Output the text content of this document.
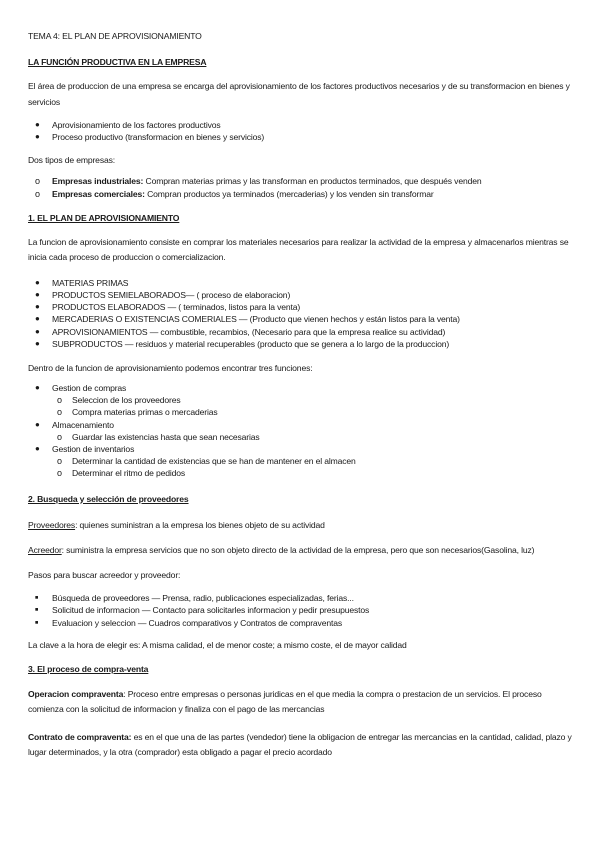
TEMA 4: EL PLAN DE APROVISIONAMIENTO

LA FUNCIÓN PRODUCTIVA EN LA EMPRESA

El área de produccion de una empresa se encarga del aprovisionamiento de los factores productivos necesarios y de su transformacion en bienes y servicios

● Aprovisionamiento de los factores productivos
● Proceso productivo (transformacion en bienes y servicios)

Dos tipos de empresas:

o Empresas industriales: Compran materias primas y las transforman en productos terminados, que después venden
o Empresas comerciales: Compran productos ya terminados (mercaderias) y los venden sin transformar

1. EL PLAN DE APROVISIONAMIENTO

La funcion de aprovisionamiento consiste en comprar los materiales necesarios para realizar la actividad de la empresa y almacenarlos mientras se inicia cada proceso de produccion o comercializacion.

● MATERIAS PRIMAS
● PRODUCTOS SEMIELABORADOS— ( proceso de elaboracion)
● PRODUCTOS ELABORADOS — ( terminados, listos para la venta)
● MERCADERIAS O EXISTENCIAS COMERIALES — (Producto que vienen hechos y están listos para la venta)
● APROVISIONAMIENTOS — combustible, recambios, (Necesario para que la empresa realice su actividad)
● SUBPRODUCTOS — residuos y material recuperables (producto que se genera a lo largo de la produccion)

Dentro de la funcion de aprovisionamiento podemos encontrar tres funciones:

● Gestion de compras
o Seleccion de los proveedores
o Compra materias primas o mercaderias
● Almacenamiento
o Guardar las existencias hasta que sean necesarias
● Gestion de inventarios
o Determinar la cantidad de existencias que se han de mantener en el almacen
o Determinar el ritmo de pedidos

2. Busqueda y selección de proveedores

Proveedores: quienes suministran a la empresa los bienes objeto de su actividad

Acreedor: suministra la empresa servicios que no son objeto directo de la actividad de la empresa, pero que son necesarios(Gasolina, luz)

Pasos para buscar acreedor y proveedor:

■ Búsqueda de proveedores — Prensa, radio, publicaciones especializadas, ferias...
■ Solicitud de informacion — Contacto para solicitarles informacion y pedir presupuestos
■ Evaluacion y seleccion — Cuadros comparativos y Contratos de compraventas

La clave a la hora de elegir es: A misma calidad, el de menor coste; a mismo coste, el de mayor calidad

3. El proceso de compra-venta

Operacion compraventa: Proceso entre empresas o personas juridicas en el que media la compra o prestacion de un servicios. El proceso comienza con la solicitud de informacion y finaliza con el pago de las mercancias

Contrato de compraventa: es en el que una de las partes (vendedor) tiene la obligacion de entregar las mercancias en la cantidad, calidad, plazo y lugar determinados, y la otra (comprador) esta obligado a pagar el precio acordado
